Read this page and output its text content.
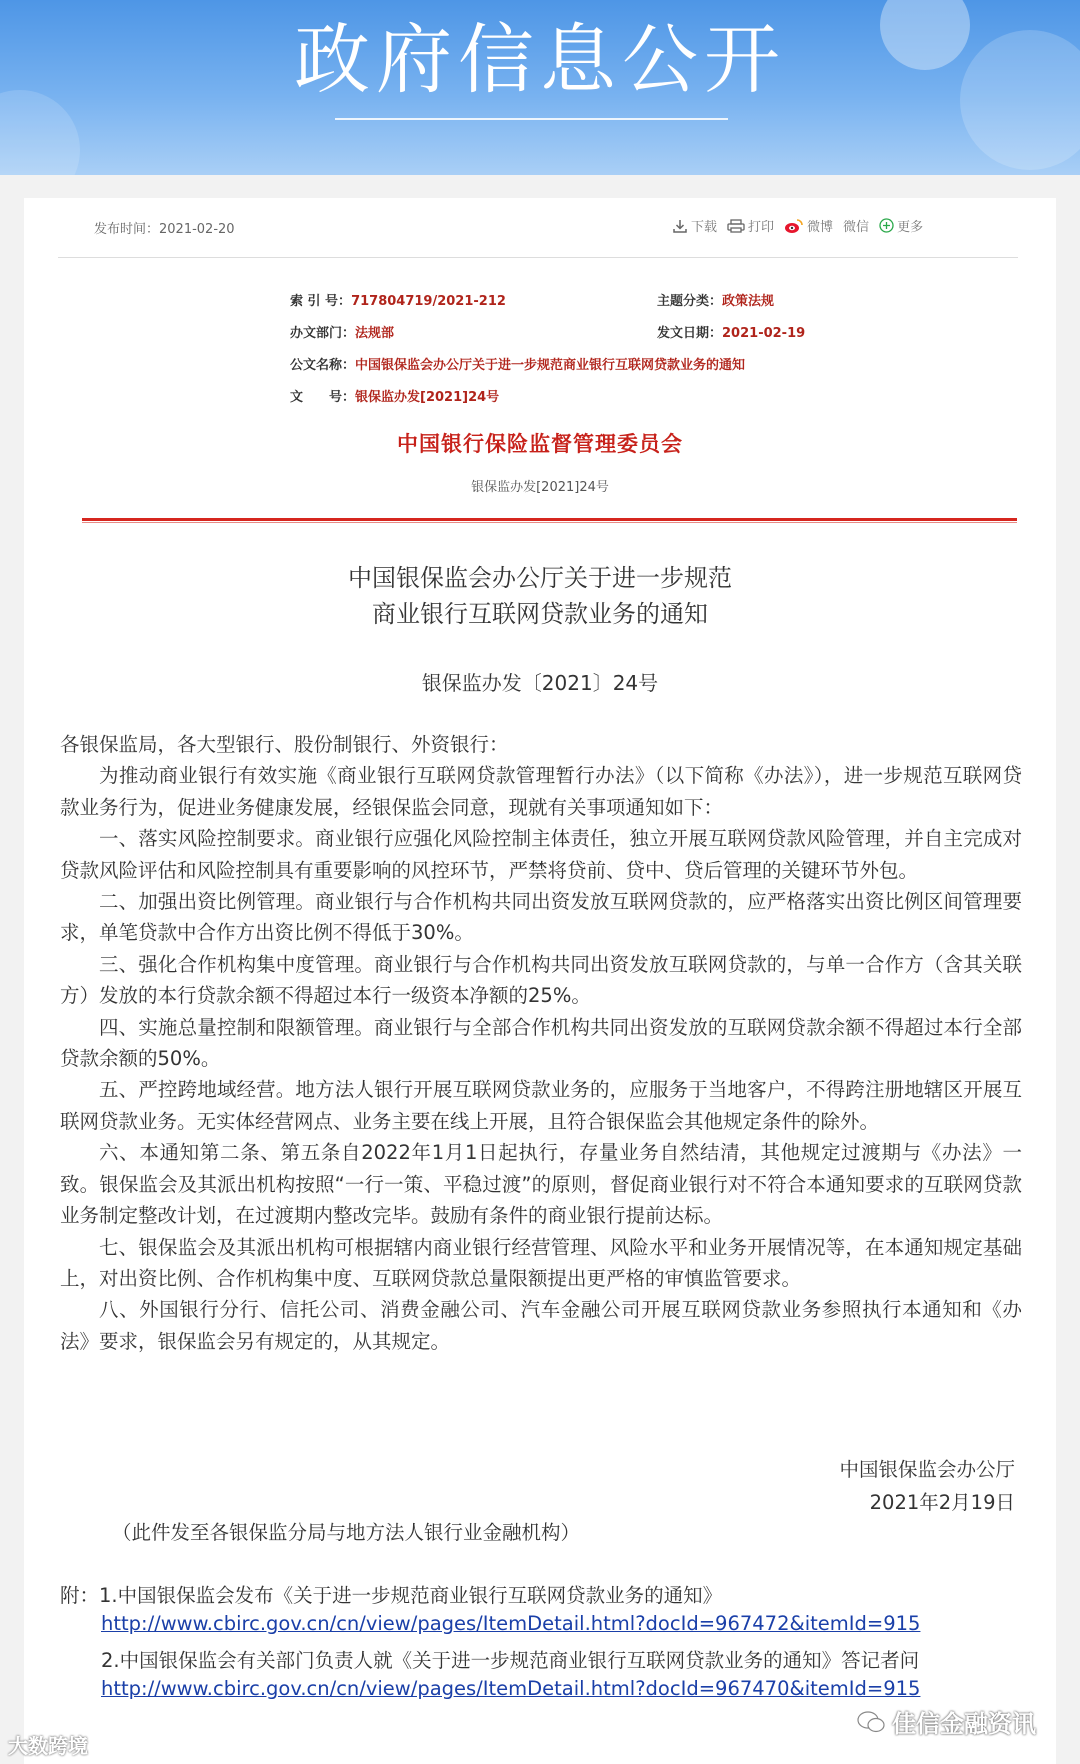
政府信息公开
发布时间：2021-02-20	下载 打印	微博 微信 更多
索 引 号：717804719/2021-212	主题分类：政策法规
办文部门：法规部	发文日期：2021-02-19
公文名称：中国银保监会办公厅关于进一步规范商业银行互联网贷款业务的通知
文　　号：银保监办发[2021]24号
中国银行保险监督管理委员会
银保监办发[2021]24号
中国银保监会办公厅关于进一步规范
商业银行互联网贷款业务的通知
银保监办发〔2021〕24号

各银保监局，各大型银行、股份制银行、外资银行：

为推动商业银行有效实施《商业银行互联网贷款管理暂行办法》（以下简称《办法》），进一步规范互联网贷款业务行为，促进业务健康发展，经银保监会同意，现就有关事项通知如下：

一、落实风险控制要求。商业银行应强化风险控制主体责任，独立开展互联网贷款风险管理，并自主完成对贷款风险评估和风险控制具有重要影响的风控环节，严禁将贷前、贷中、贷后管理的关键环节外包。

二、加强出资比例管理。商业银行与合作机构共同出资发放互联网贷款的，应严格落实出资比例区间管理要求，单笔贷款中合作方出资比例不得低于30%。

三、强化合作机构集中度管理。商业银行与合作机构共同出资发放互联网贷款的，与单一合作方（含其关联方）发放的本行贷款余额不得超过本行一级资本净额的25%。

四、实施总量控制和限额管理。商业银行与全部合作机构共同出资发放的互联网贷款余额不得超过本行全部贷款余额的50%。

五、严控跨地域经营。地方法人银行开展互联网贷款业务的，应服务于当地客户，不得跨注册地辖区开展互联网贷款业务。无实体经营网点、业务主要在线上开展，且符合银保监会其他规定条件的除外。

六、本通知第二条、第五条自2022年1月1日起执行，存量业务自然结清，其他规定过渡期与《办法》一致。银保监会及其派出机构按照“一行一策、平稳过渡”的原则，督促商业银行对不符合本通知要求的互联网贷款业务制定整改计划，在过渡期内整改完毕。鼓励有条件的商业银行提前达标。

七、银保监会及其派出机构可根据辖内商业银行经营管理、风险水平和业务开展情况等，在本通知规定基础上，对出资比例、合作机构集中度、互联网贷款总量限额提出更严格的审慎监管要求。

八、外国银行分行、信托公司、消费金融公司、汽车金融公司开展互联网贷款业务参照执行本通知和《办法》要求，银保监会另有规定的，从其规定。

中国银保监会办公厅
2021年2月19日
（此件发至各银保监分局与地方法人银行业金融机构）
附：1.中国银保监会发布《关于进一步规范商业银行互联网贷款业务的通知》
http://www.cbirc.gov.cn/cn/view/pages/ItemDetail.html?docId=967472&itemId=915
2.中国银保监会有关部门负责人就《关于进一步规范商业银行互联网贷款业务的通知》答记者问
http://www.cbirc.gov.cn/cn/view/pages/ItemDetail.html?docId=967470&itemId=915
大数跨境
佳信金融资讯
